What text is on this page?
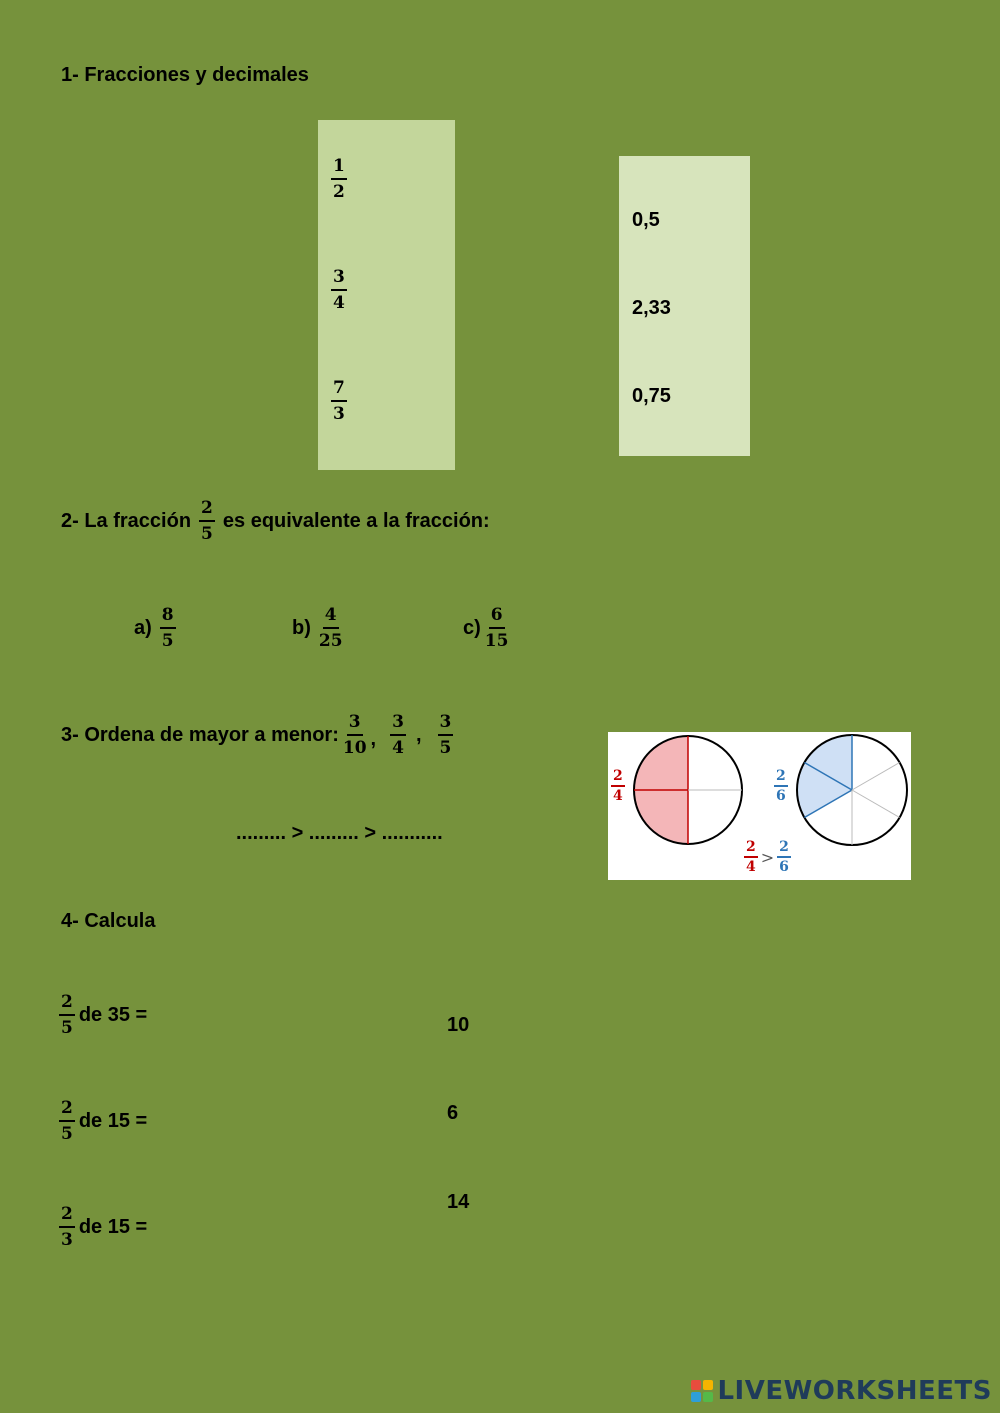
1- Fracciones y decimales
$\frac{1}{2}$
$\frac{3}{4}$
$\frac{7}{3}$
0,5
2,33
0,75
2- La fracción $\frac{2}{5}$ es equivalente a la fracción:
$a) \frac{8}{5}$	$b) \frac{4}{25}$	$c) \frac{6}{15}$
3- Ordena de mayor a menor: $\frac{3}{10}$ , $\frac{3}{4}$ , $\frac{3}{5}$
......... > ......... > ...........
$\frac{2}{4}$	$\frac{2}{6}$
$\frac{2}{4} > \frac{2}{6}$
4- Calcula
$\frac{2}{5}$ de 35 =
$\frac{2}{5}$ de 15 =
$\frac{2}{3}$ de 15 =
10
6
14
LIVEWORKSHEETS
